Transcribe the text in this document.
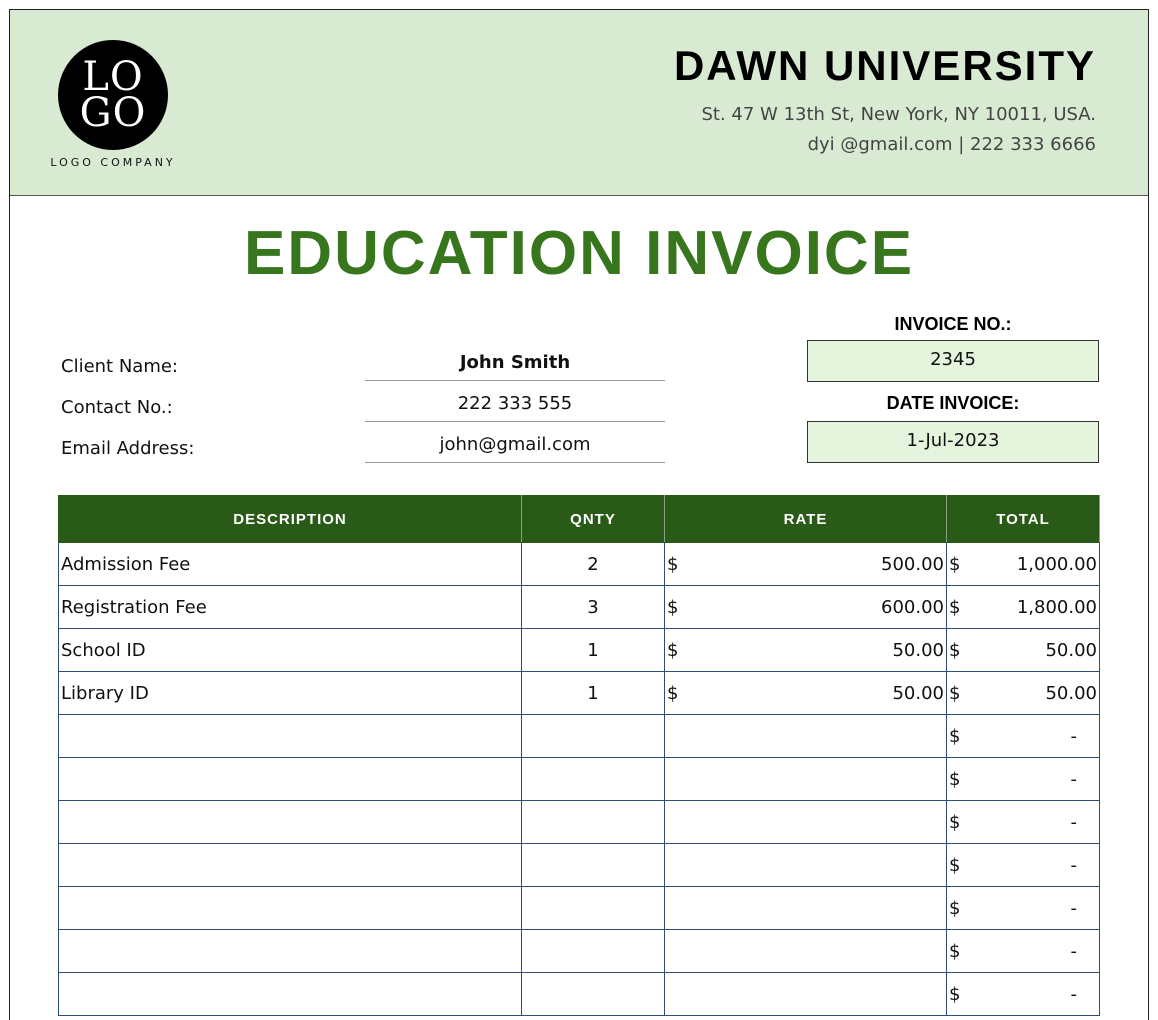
LO
GO
LOGO COMPANY
DAWN UNIVERSITY
St. 47 W 13th St, New York, NY 10011, USA.
dyi @gmail.com | 222 333 6666
EDUCATION INVOICE
Client Name:	John Smith
Contact No.:	222 333 555
Email Address:	john@gmail.com
INVOICE NO.:
2345
DATE INVOICE:
1-Jul-2023
DESCRIPTION	QNTY	RATE	TOTAL
Admission Fee	2	$ 500.00	$ 1,000.00

Registration Fee	3	$ 600.00	$ 1,800.00

School ID	1	$ 50.00	$ 50.00

Library ID	1	$ 50.00	$ 50.00

			$ -

			$ -

			$ -

			$ -

			$ -

			$ -

			$ -
